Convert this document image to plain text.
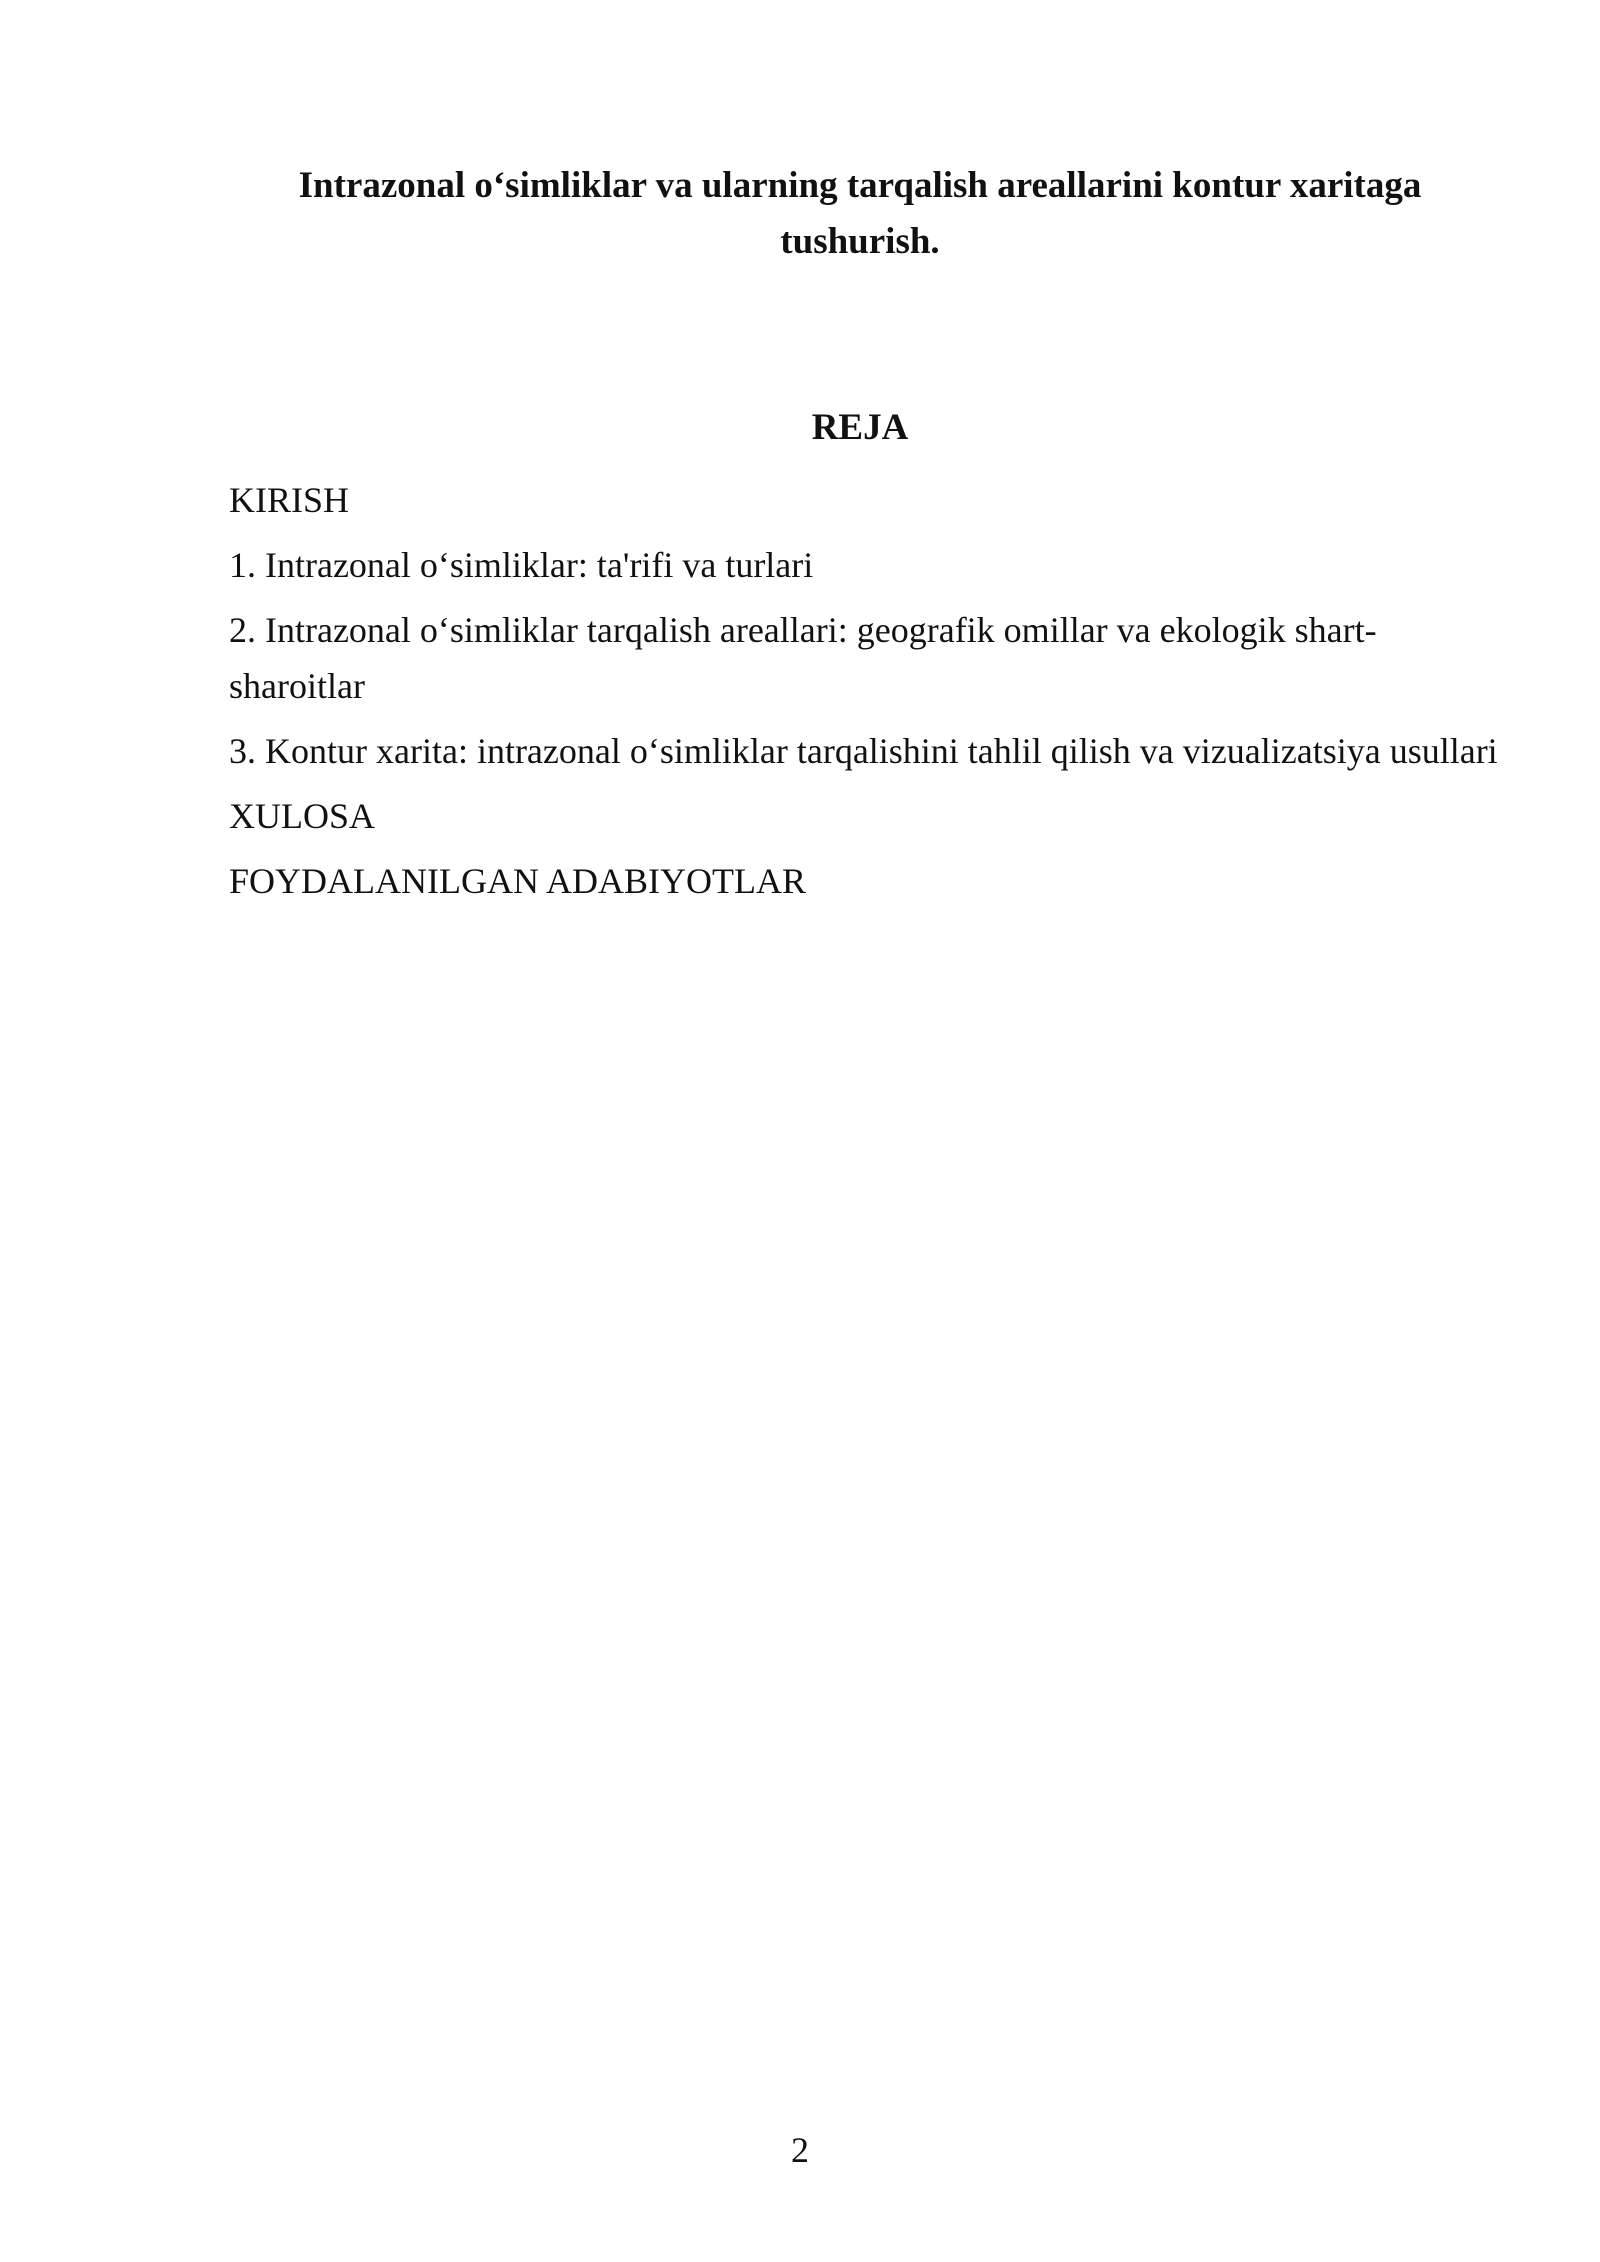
Intrazonal o‘simliklar va ularning tarqalish areallarini kontur xaritaga tushurish.
REJA
KIRISH
1. Intrazonal o‘simliklar: ta'rifi va turlari
2. Intrazonal o‘simliklar tarqalish areallari: geografik omillar va ekologik shart-sharoitlar
3. Kontur xarita: intrazonal o‘simliklar tarqalishini tahlil qilish va vizualizatsiya usullari
XULOSA
FOYDALANILGAN ADABIYOTLAR
2
